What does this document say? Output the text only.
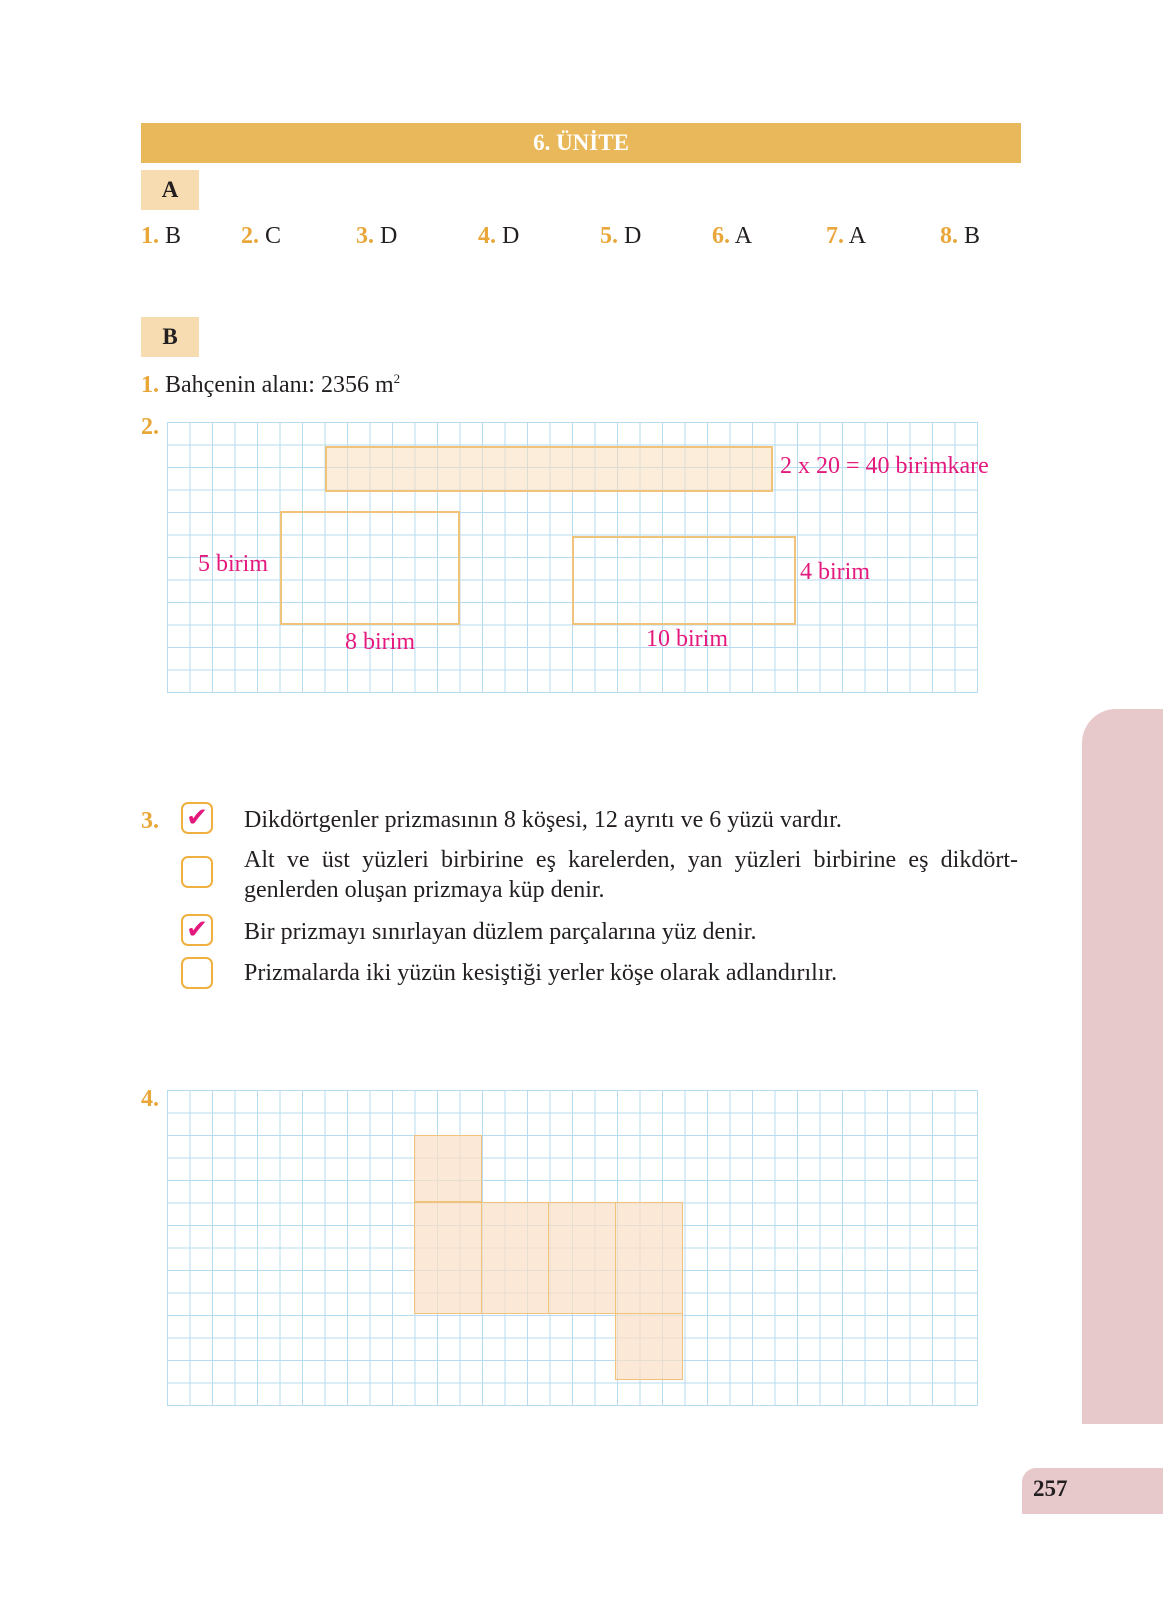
6. ÜNİTE
A
1. B 2. C	3. D	4. D	5. D	6. A	7. A	8. B
B
1. Bahçenin alanı: 2356 $m^2$
2.
2 x 20 = 40 birimkare
5 birim
8 birim
4 birim
10 birim
3. ✔ Dikdörtgenler prizmasının 8 köşesi, 12 ayrıtı ve 6 yüzü vardır.
Alt ve üst yüzleri birbirine eş karelerden, yan yüzleri birbirine eş dikdört-
genlerden oluşan prizmaya küp denir.
✔ Bir prizmayı sınırlayan düzlem parçalarına yüz denir.
Prizmalarda iki yüzün kesiştiği yerler köşe olarak adlandırılır.
4.
257
